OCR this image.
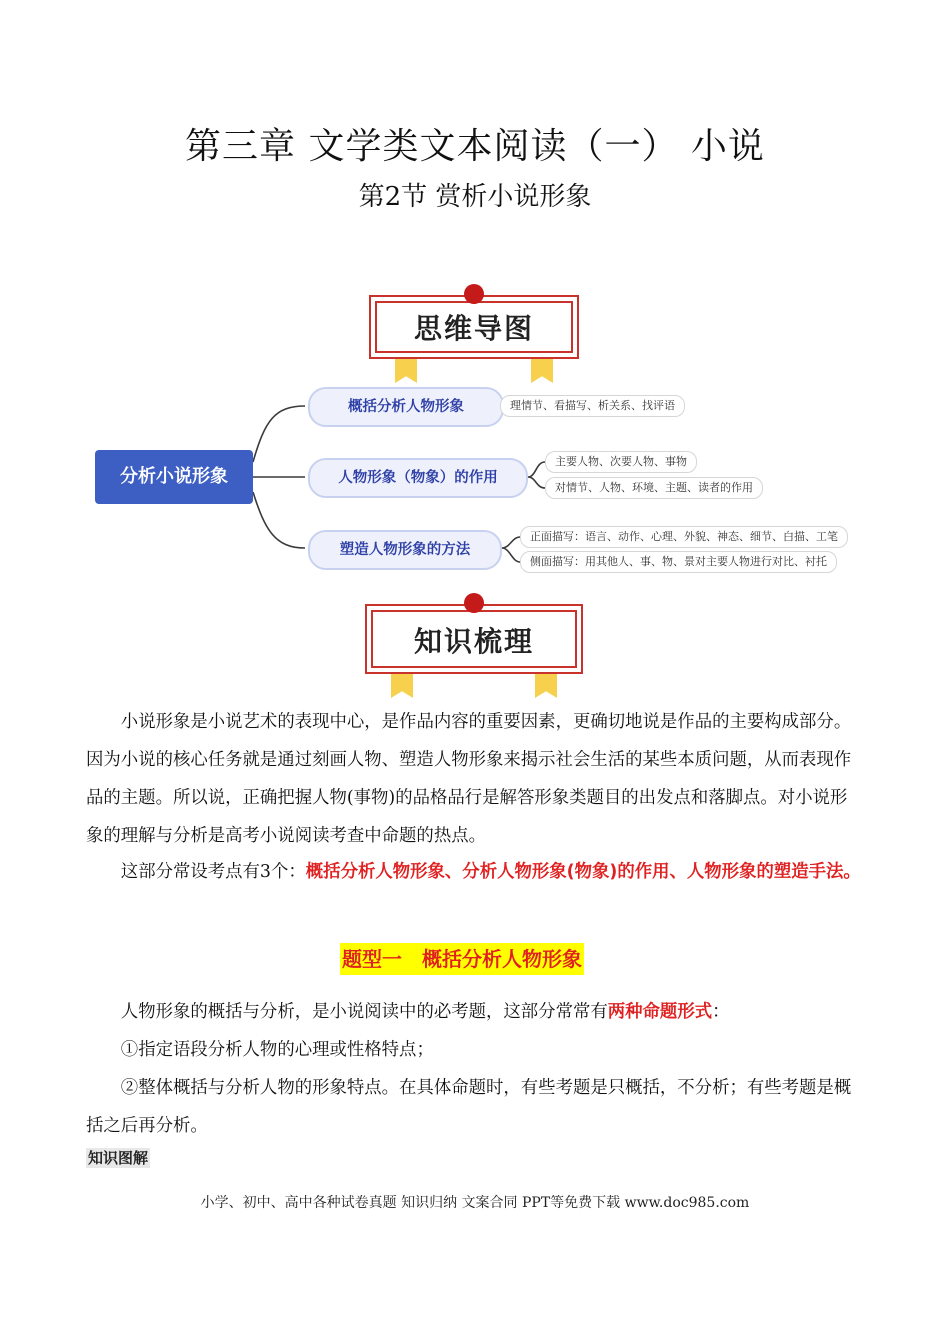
第三章 文学类文本阅读（一） 小说
第2节 赏析小说形象
思维导图
分析小说形象
概括分析人物形象	理情节、看描写、析关系、找评语
人物形象（物象）的作用
主要人物、次要人物、事物
对情节、人物、环境、主题、读者的作用
塑造人物形象的方法
正面描写：语言、动作、心理、外貌、神态、细节、白描、工笔
侧面描写：用其他人、事、物、景对主要人物进行对比、衬托
知识梳理
小说形象是小说艺术的表现中心，是作品内容的重要因素，更确切地说是作品的主要构成部分。因为小说的核心任务就是通过刻画人物、塑造人物形象来揭示社会生活的某些本质问题，从而表现作品的主题。所以说，正确把握人物(事物)的品格品行是解答形象类题目的出发点和落脚点。对小说形象的理解与分析是高考小说阅读考查中命题的热点。
这部分常设考点有3个：概括分析人物形象、分析人物形象(物象)的作用、人物形象的塑造手法。
题型一　概括分析人物形象
人物形象的概括与分析，是小说阅读中的必考题，这部分常常有两种命题形式：
①指定语段分析人物的心理或性格特点；
②整体概括与分析人物的形象特点。在具体命题时，有些考题是只概括，不分析；有些考题是概括之后再分析。
知识图解
小学、初中、高中各种试卷真题 知识归纳 文案合同 PPT等免费下载 www.doc985.com
